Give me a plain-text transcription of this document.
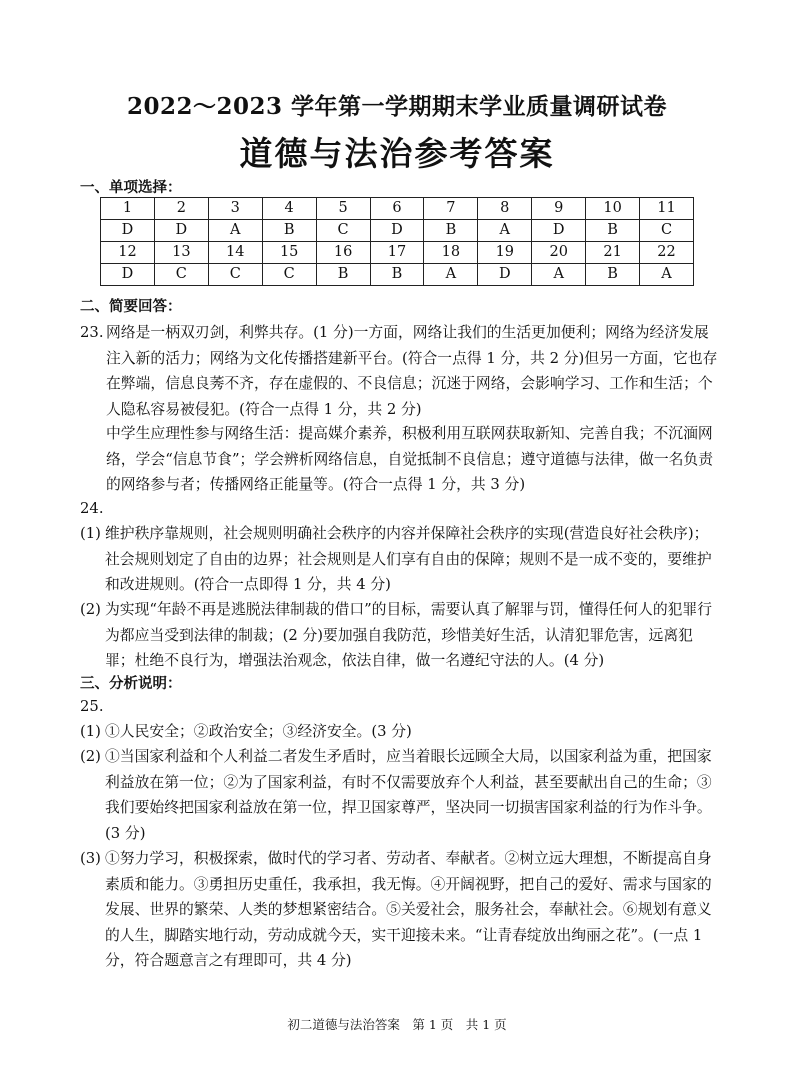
2022～2023 学年第一学期期末学业质量调研试卷
道德与法治参考答案
一、单项选择：
1	2	3	4	5	6	7	8	9	10	11
D	D	A	B	C	D	B	A	D	B	C
12	13	14	15	16	17	18	19	20	21	22
D	C	C	C	B	B	A	D	A	B	A
二、简要回答：
23. 网络是一柄双刃剑，利弊共存。(1 分)一方面，网络让我们的生活更加便利；网络为经济发展注入新的活力；网络为文化传播搭建新平台。(符合一点得 1 分，共 2 分)但另一方面，它也存在弊端，信息良莠不齐，存在虚假的、不良信息；沉迷于网络，会影响学习、工作和生活；个人隐私容易被侵犯。(符合一点得 1 分，共 2 分)

中学生应理性参与网络生活：提高媒介素养，积极利用互联网获取新知、完善自我；不沉湎网络，学会“信息节食”；学会辨析网络信息，自觉抵制不良信息；遵守道德与法律，做一名负责的网络参与者；传播网络正能量等。(符合一点得 1 分，共 3 分)

24.
(1) 维护秩序靠规则，社会规则明确社会秩序的内容并保障社会秩序的实现(营造良好社会秩序)；社会规则划定了自由的边界；社会规则是人们享有自由的保障；规则不是一成不变的，要维护和改进规则。(符合一点即得 1 分，共 4 分)
(2) 为实现“年龄不再是逃脱法律制裁的借口”的目标，需要认真了解罪与罚，懂得任何人的犯罪行为都应当受到法律的制裁；(2 分)要加强自我防范，珍惜美好生活，认清犯罪危害，远离犯罪；杜绝不良行为，增强法治观念，依法自律，做一名遵纪守法的人。(4 分)
三、分析说明：
25.
(1) ①人民安全；②政治安全；③经济安全。(3 分)
(2) ①当国家利益和个人利益二者发生矛盾时，应当着眼长远顾全大局，以国家利益为重，把国家利益放在第一位；②为了国家利益，有时不仅需要放弃个人利益，甚至要献出自己的生命；③我们要始终把国家利益放在第一位，捍卫国家尊严，坚决同一切损害国家利益的行为作斗争。(3 分)
(3) ①努力学习，积极探索，做时代的学习者、劳动者、奉献者。②树立远大理想，不断提高自身素质和能力。③勇担历史重任，我承担，我无悔。④开阔视野，把自己的爱好、需求与国家的发展、世界的繁荣、人类的梦想紧密结合。⑤关爱社会，服务社会，奉献社会。⑥规划有意义的人生，脚踏实地行动，劳动成就今天，实干迎接未来。“让青春绽放出绚丽之花”。(一点 1 分，符合题意言之有理即可，共 4 分)
初二道德与法治答案　第 1 页　共 1 页
